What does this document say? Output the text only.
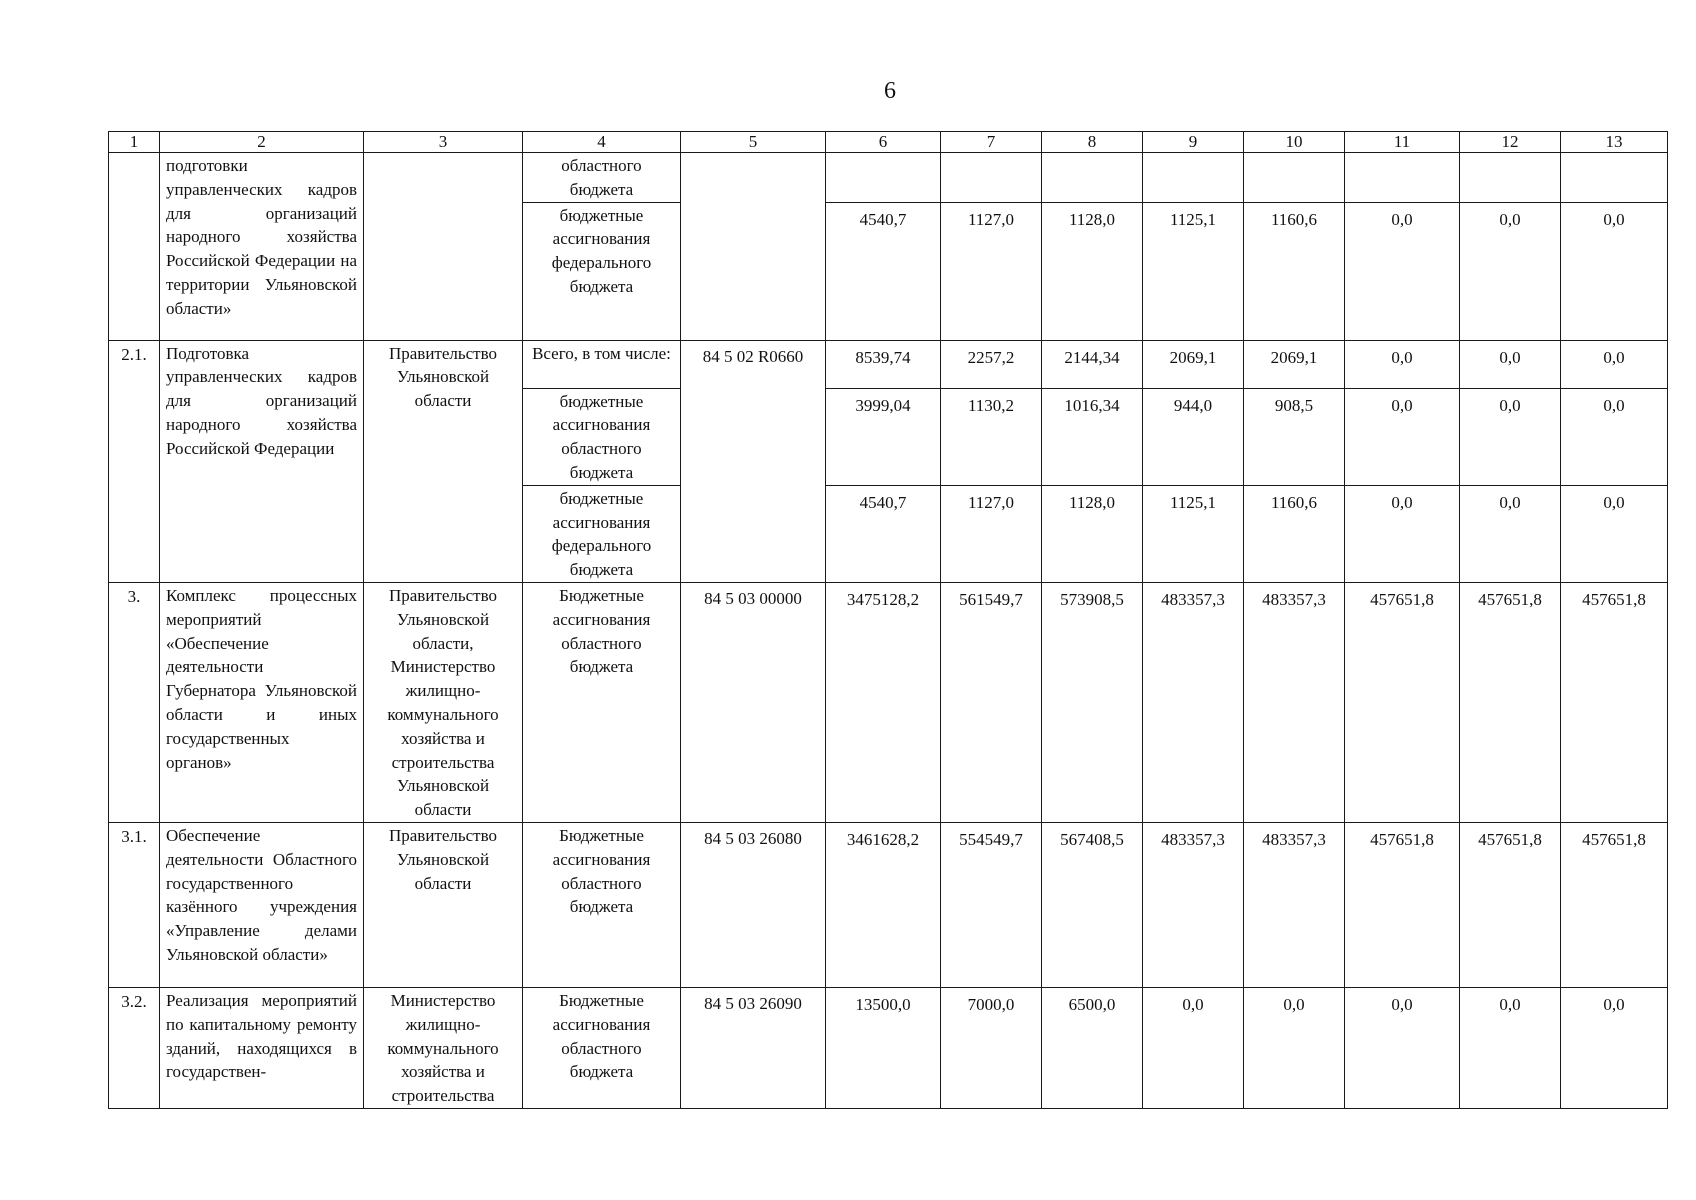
6
1	2	3	4	5	6	7	8	9	10	11	12	13
	подготовки управленческих кадров для организаций народного хозяйства Российской Федерации на территории Ульяновской области»		областного бюджета									
			бюджетные ассигнования федерального бюджета		4540,7	1127,0	1128,0	1125,1	1160,6	0,0	0,0	0,0
2.1.	Подготовка управленческих кадров для организаций народного хозяйства Российской Федерации	Правительство Ульяновской области	Всего, в том числе:	84 5 02 R0660	8539,74	2257,2	2144,34	2069,1	2069,1	0,0	0,0	0,0
			бюджетные ассигнования областного бюджета		3999,04	1130,2	1016,34	944,0	908,5	0,0	0,0	0,0
			бюджетные ассигнования федерального бюджета		4540,7	1127,0	1128,0	1125,1	1160,6	0,0	0,0	0,0
3.	Комплекс процессных мероприятий «Обеспечение деятельности Губернатора Ульяновской области и иных государственных органов»	Правительство Ульяновской области, Министерство жилищно-коммунального хозяйства и строительства Ульяновской области	Бюджетные ассигнования областного бюджета	84 5 03 00000	3475128,2	561549,7	573908,5	483357,3	483357,3	457651,8	457651,8	457651,8
3.1.	Обеспечение деятельности Областного государственного казённого учреждения «Управление делами Ульяновской области»	Правительство Ульяновской области	Бюджетные ассигнования областного бюджета	84 5 03 26080	3461628,2	554549,7	567408,5	483357,3	483357,3	457651,8	457651,8	457651,8
3.2.	Реализация мероприятий по капитальному ремонту зданий, находящихся в государствен-	Министерство жилищно-коммунального хозяйства и строительства	Бюджетные ассигнования областного бюджета	84 5 03 26090	13500,0	7000,0	6500,0	0,0	0,0	0,0	0,0	0,0
